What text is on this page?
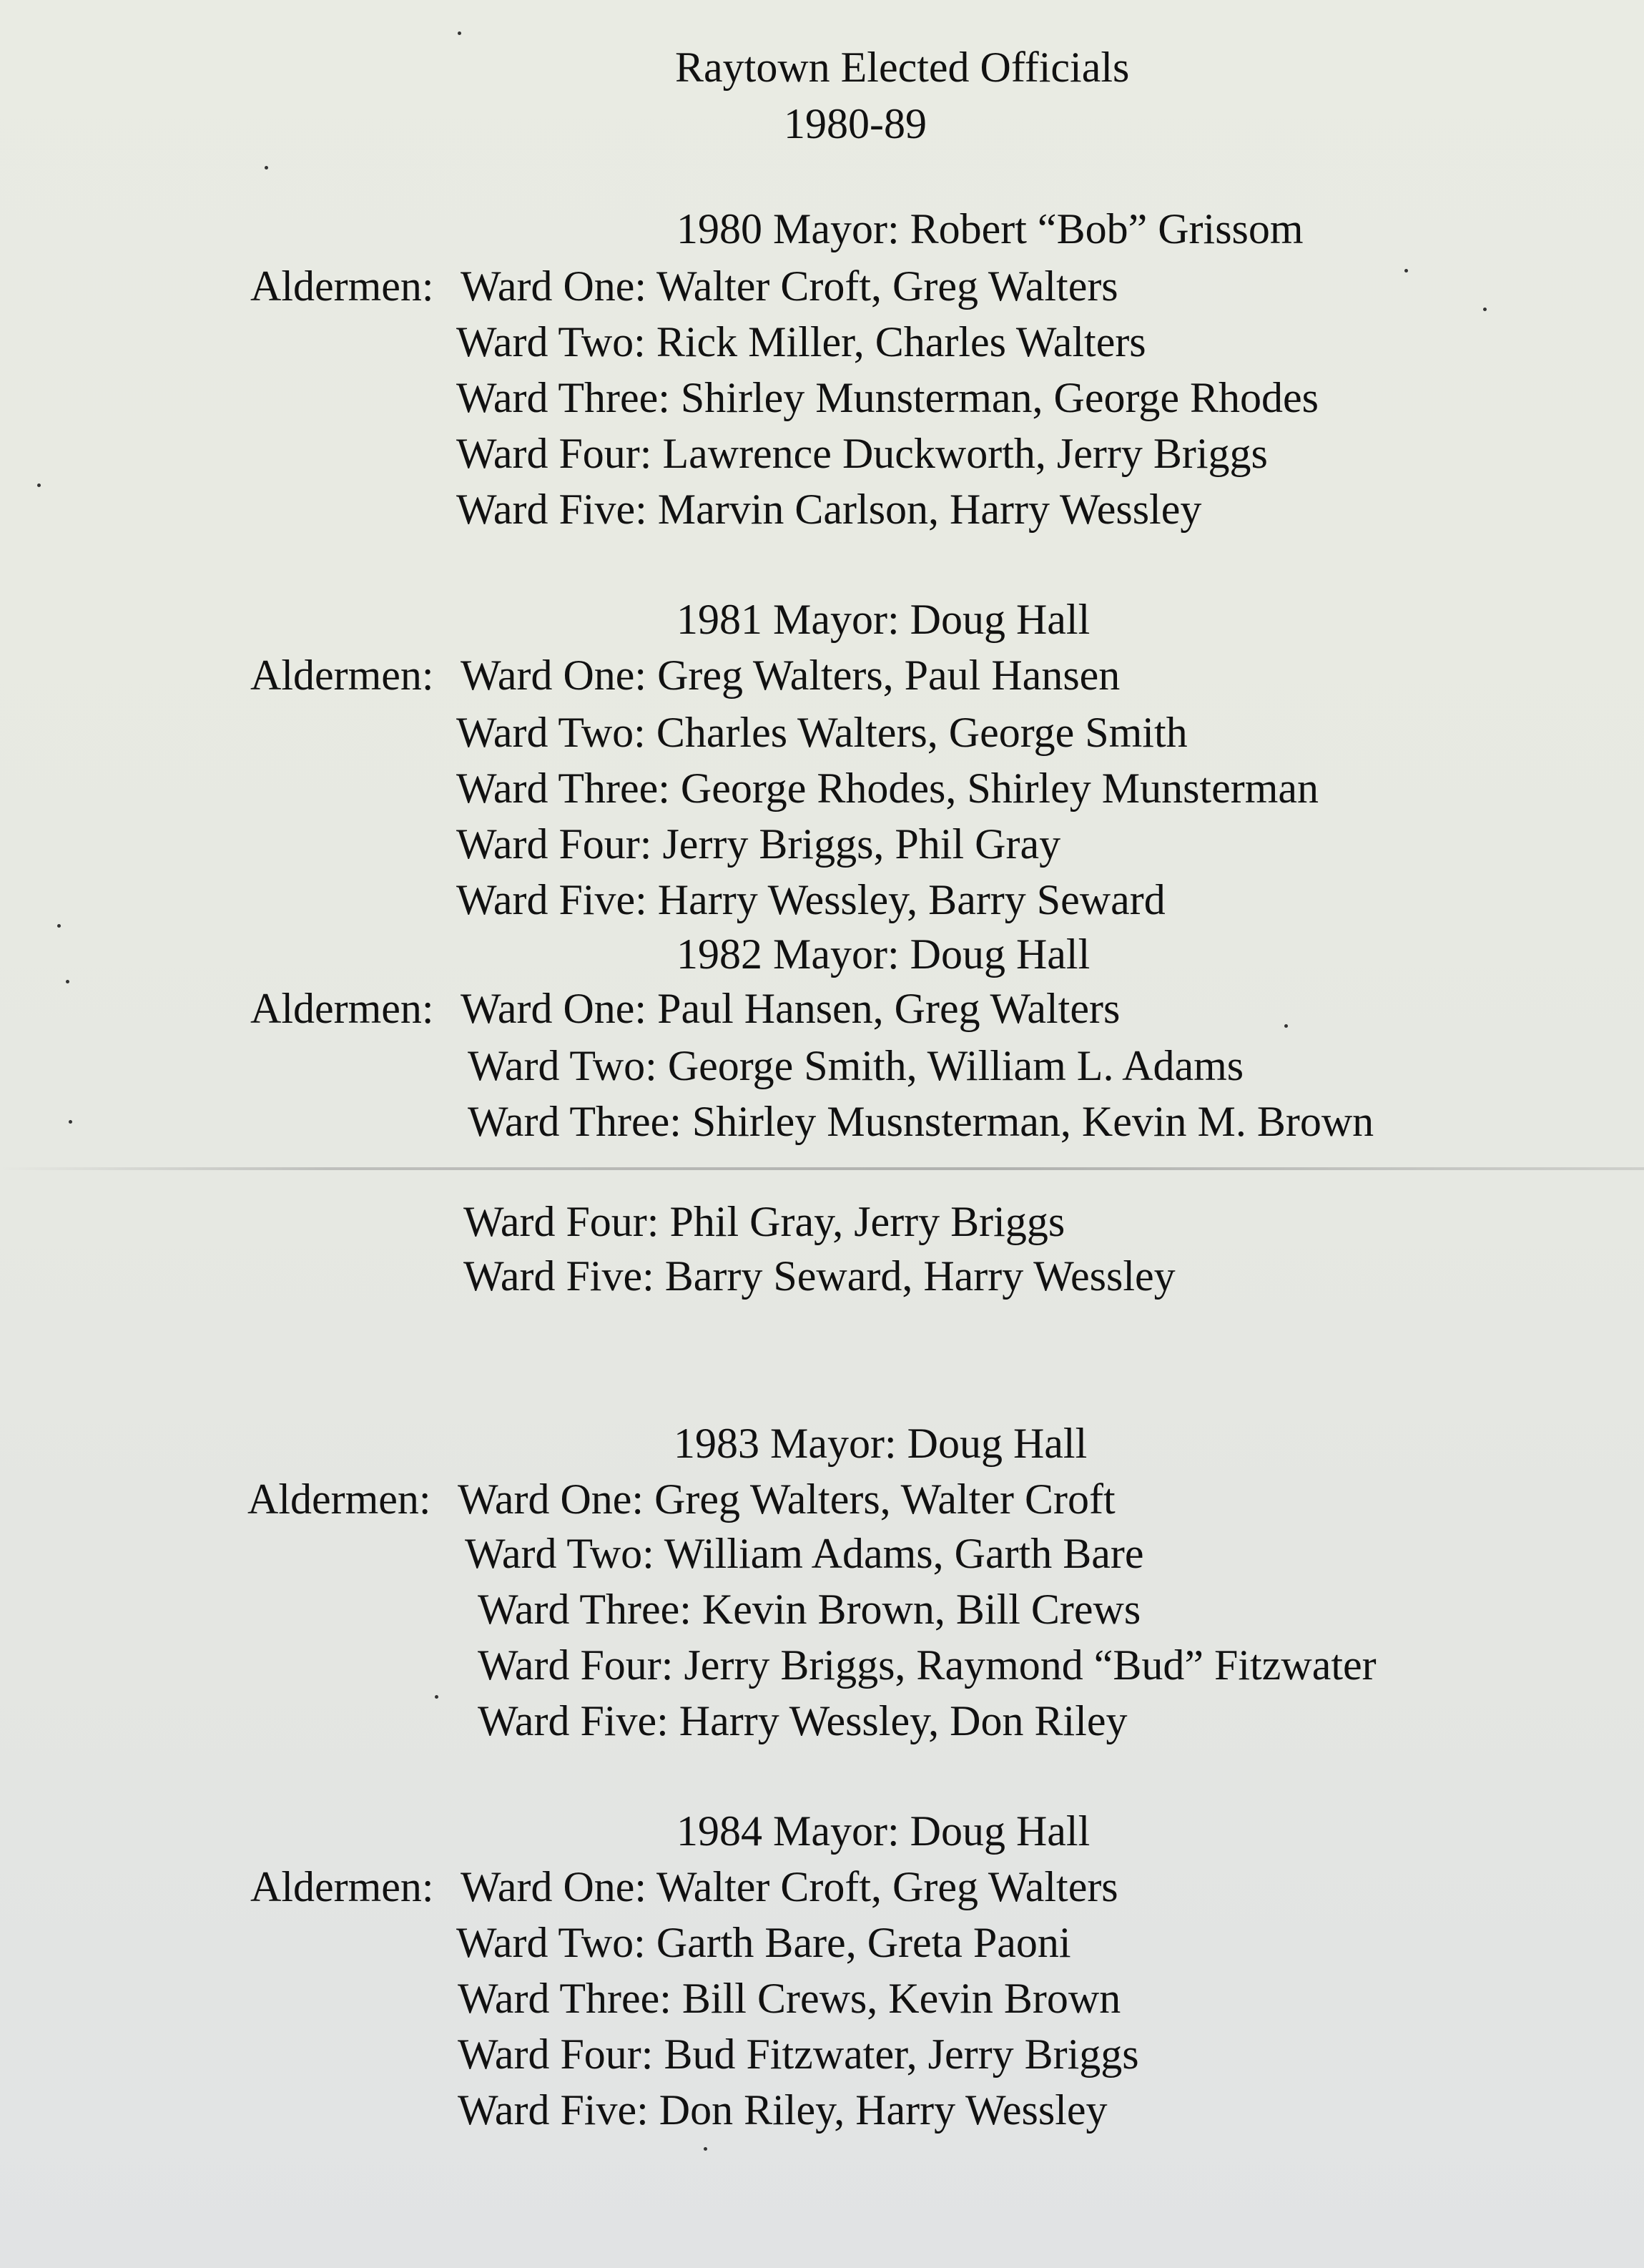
Raytown Elected Officials
1980-89
1980 Mayor: Robert “Bob” Grissom
Aldermen: Ward One: Walter Croft, Greg Walters
Ward Two: Rick Miller, Charles Walters
Ward Three: Shirley Munsterman, George Rhodes
Ward Four: Lawrence Duckworth, Jerry Briggs
Ward Five: Marvin Carlson, Harry Wessley
1981 Mayor: Doug Hall
Aldermen: Ward One: Greg Walters, Paul Hansen
Ward Two: Charles Walters, George Smith
Ward Three: George Rhodes, Shirley Munsterman
Ward Four: Jerry Briggs, Phil Gray
Ward Five: Harry Wessley, Barry Seward
1982 Mayor: Doug Hall
Aldermen: Ward One: Paul Hansen, Greg Walters
Ward Two: George Smith, William L. Adams
Ward Three: Shirley Musnsterman, Kevin M. Brown
Ward Four: Phil Gray, Jerry Briggs
Ward Five: Barry Seward, Harry Wessley
1983 Mayor: Doug Hall
Aldermen: Ward One: Greg Walters, Walter Croft
Ward Two: William Adams, Garth Bare
Ward Three: Kevin Brown, Bill Crews
Ward Four: Jerry Briggs, Raymond “Bud” Fitzwater
Ward Five: Harry Wessley, Don Riley
1984 Mayor: Doug Hall
Aldermen: Ward One: Walter Croft, Greg Walters
Ward Two: Garth Bare, Greta Paoni
Ward Three: Bill Crews, Kevin Brown
Ward Four: Bud Fitzwater, Jerry Briggs
Ward Five: Don Riley, Harry Wessley
